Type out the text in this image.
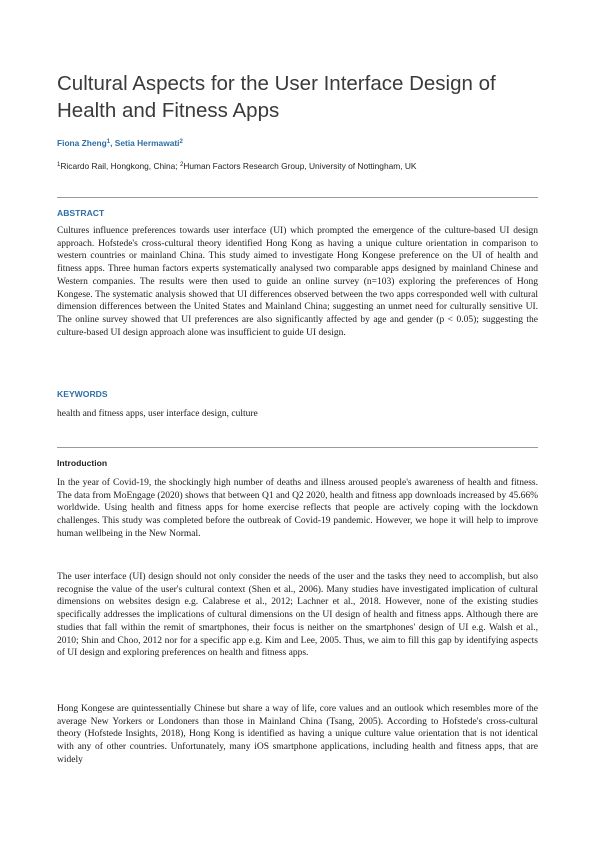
Cultural Aspects for the User Interface Design of Health and Fitness Apps
Fiona Zheng$^1$, Setia Hermawati$^2$
$^1$Ricardo Rail, Hongkong, China; $^2$Human Factors Research Group, University of Nottingham, UK
ABSTRACT

Cultures influence preferences towards user interface (UI) which prompted the emergence of the culture-based UI design approach. Hofstede's cross-cultural theory identified Hong Kong as having a unique culture orientation in comparison to western countries or mainland China. This study aimed to investigate Hong Kongese preference on the UI of health and fitness apps. Three human factors experts systematically analysed two comparable apps designed by mainland Chinese and Western companies. The results were then used to guide an online survey (n=103) exploring the preferences of Hong Kongese. The systematic analysis showed that UI differences observed between the two apps corresponded well with cultural dimension differences between the United States and Mainland China; suggesting an unmet need for culturally sensitive UI. The online survey showed that UI preferences are also significantly affected by age and gender (p < 0.05); suggesting the culture-based UI design approach alone was insufficient to guide UI design.

KEYWORDS

health and fitness apps, user interface design, culture

Introduction

In the year of Covid-19, the shockingly high number of deaths and illness aroused people's awareness of health and fitness. The data from MoEngage (2020) shows that between Q1 and Q2 2020, health and fitness app downloads increased by 45.66% worldwide. Using health and fitness apps for home exercise reflects that people are actively coping with the lockdown challenges. This study was completed before the outbreak of Covid-19 pandemic. However, we hope it will help to improve human wellbeing in the New Normal.

The user interface (UI) design should not only consider the needs of the user and the tasks they need to accomplish, but also recognise the value of the user's cultural context (Shen et al., 2006). Many studies have investigated implication of cultural dimensions on websites design e.g. Calabrese et al., 2012; Lachner et al., 2018. However, none of the existing studies specifically addresses the implications of cultural dimensions on the UI design of health and fitness apps. Although there are studies that fall within the remit of smartphones, their focus is neither on the smartphones' design of UI e.g. Walsh et al., 2010; Shin and Choo, 2012 nor for a specific app e.g. Kim and Lee, 2005. Thus, we aim to fill this gap by identifying aspects of UI design and exploring preferences on health and fitness apps.

Hong Kongese are quintessentially Chinese but share a way of life, core values and an outlook which resembles more of the average New Yorkers or Londoners than those in Mainland China (Tsang, 2005). According to Hofstede's cross-cultural theory (Hofstede Insights, 2018), Hong Kong is identified as having a unique culture value orientation that is not identical with any of other countries. Unfortunately, many iOS smartphone applications, including health and fitness apps, that are widely
